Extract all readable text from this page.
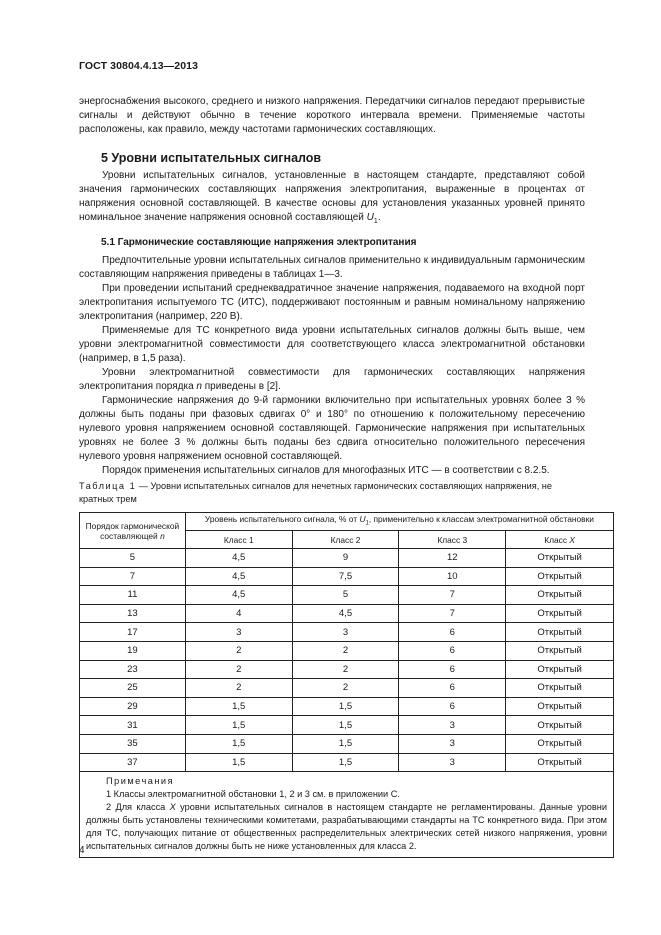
ГОСТ 30804.4.13—2013

энергоснабжения высокого, среднего и низкого напряжения. Передатчики сигналов передают прерывистые сигналы и действуют обычно в течение короткого интервала времени. Применяемые частоты расположены, как правило, между частотами гармонических составляющих.

5 Уровни испытательных сигналов

Уровни испытательных сигналов, установленные в настоящем стандарте, представляют собой значения гармонических составляющих напряжения электропитания, выраженные в процентах от напряжения основной составляющей. В качестве основы для установления указанных уровней принято номинальное значение напряжения основной составляющей $U_1$.

5.1 Гармонические составляющие напряжения электропитания

Предпочтительные уровни испытательных сигналов применительно к индивидуальным гармоническим составляющим напряжения приведены в таблицах 1—3.

При проведении испытаний среднеквадратичное значение напряжения, подаваемого на входной порт электропитания испытуемого ТС (ИТС), поддерживают постоянным и равным номинальному напряжению электропитания (например, 220 В).

Применяемые для ТС конкретного вида уровни испытательных сигналов должны быть выше, чем уровни электромагнитной совместимости для соответствующего класса электромагнитной обстановки (например, в 1,5 раза).

Уровни электромагнитной совместимости для гармонических составляющих напряжения электропитания порядка n приведены в [2].

Гармонические напряжения до 9-й гармоники включительно при испытательных уровнях более 3 % должны быть поданы при фазовых сдвигах 0° и 180° по отношению к положительному пересечению нулевого уровня напряжением основной составляющей. Гармонические напряжения при испытательных уровнях не более 3 % должны быть поданы без сдвига относительно положительного пересечения нулевого уровня напряжением основной составляющей.

Порядок применения испытательных сигналов для многофазных ИТС — в соответствии с 8.2.5.

Таблица 1 — Уровни испытательных сигналов для нечетных гармонических составляющих напряжения, не кратных трем
Порядок гармонической составляющей n	Уровень испытательного сигнала, % от $U_1$, применительно к классам электромагнитной обстановки			
	Класс 1	Класс 2	Класс 3	Класс X
5	4,5	9	12	Открытый
7	4,5	7,5	10	Открытый
11	4,5	5	7	Открытый
13	4	4,5	7	Открытый
17	3	3	6	Открытый
19	2	2	6	Открытый
23	2	2	6	Открытый
25	2	2	6	Открытый
29	1,5	1,5	6	Открытый
31	1,5	1,5	3	Открытый
35	1,5	1,5	3	Открытый
37	1,5	1,5	3	Открытый

Примечания
1 Классы электромагнитной обстановки 1, 2 и 3 см. в приложении С.
2 Для класса X уровни испытательных сигналов в настоящем стандарте не регламентированы. Данные уровни должны быть установлены техническими комитетами, разрабатывающими стандарты на ТС конкретного вида. При этом для ТС, получающих питание от общественных распределительных электрических сетей низкого напряжения, уровни испытательных сигналов должны быть не ниже установленных для класса 2.				
4
